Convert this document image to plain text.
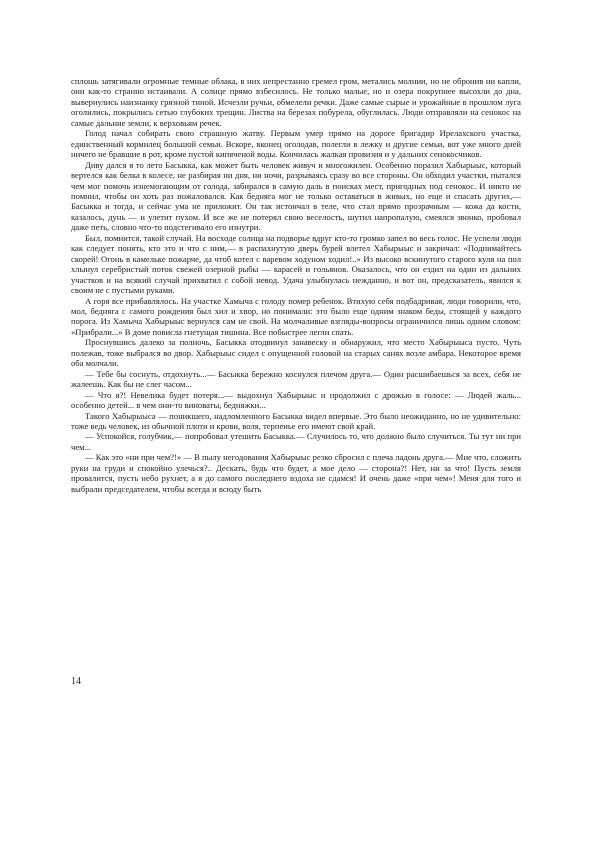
сплошь затягивали огромные темные облака, в них непрестанно гремел гром, метались молнии, но не обронив ни капли, они как-то странно истаивали. А солнце прямо взбесилось. Не только малые, но и озера покрупнее высохли до дна, вывернулись наизнанку грязной тиной. Исчезли ручьи, обмелели речки. Даже самые сырые и урожайные в прошлом луга оголились, покрылись сетью глубоких трещин. Листва на березах побурела, обуглилась. Люди отправляли на сенокос на самые дальние земли, к верховьям речек.

Голод начал собирать свою страшную жатву. Первым умер прямо на дороге бригадир Ирелахского участка, единственный кормилец большой семьи. Вскоре, вконец оголодав, полегли в лежку и другие семьи, вот уже много дней ничего не бравшие в рот, кроме пустой кипяченой воды. Кончилась жалкая провизия и у дальних сенокосчиков.

Диву дался я то лето Басыкка, как может быть человек живуч и многожилен. Особенно поразил Хабырыыс, который вертелся как белка в колесе, не разбирая ни дня, ни ночи, разрываясь сразу во все стороны. Он обходил участки, пытался чем мог помочь изнемогающим от голода, забирался в самую даль в поисках мест, пригодных под сенокос. И никто не помнил, чтобы он хоть раз пожаловался. Как бедняга мог не только оставаться в живых, но еще и спасать других,— Басыкка и тогда, и сейчас ума не приложит. Он так истончал в теле, что стал прямо прозрачным — кожа да кости, казалось, дунь — и улетит пухом. И все же не потерял свою веселость, шутил напропалую, смеялся звонко, пробовал даже петь, словно что-то подстегивало его изнутри.

Был, помнится, такой случай. На восходе солнца на подворье вдруг кто-то громко запел во весь голос. Не успели люди как следует понять, кто это и что с ним,— в распахнутую дверь бурей влетел Хабырыыс и закричал: «Поднимайтесь скорей! Огонь в камельке пожарче, да чтоб котел с варевом ходуном ходил!..» Из высоко вскинутого старого куля на пол хлынул серебристый поток свежей озерной рыбы — карасей и гольянов. Оказалось, что он ездил на один из дальних участков и на всякий случай прихватил с собой невод. Удача улыбнулась нежданно, и вот он, предсказатель, явился к своим не с пустыми руками.

А горя все прибавлялось. На участке Хамыча с голоду помер ребенок. Втихую себя подбадривая, люди говорили, что, мол, бедняга с самого рождения был хил и хвор, но понимали: это было еще одним знаком беды, стоящей у каждого порога. Из Хамыча Хабырыыс вернулся сам не свой. На молчаливые взгляды-вопросы ограничился лишь одним словом: «Прибрали...» В доме повисла гнетущая тишина. Все побыстрее легли спать.

Проснувшись далеко за полночь, Басыкка отодвинул занавеску и обнаружил, что место Хабырыыса пусто. Чуть полежав, тоже выбрался во двор. Хабырыыс сидел с опущенной головой на старых санях возле амбара. Некоторое время оба молчали.

— Тебе бы соснуть, отдохнуть...— Басыкка бережно коснулся плечом друга.— Один расшибаешься за всех, себя не жалеешь. Как бы не слег часом...

— Что я?! Невелика будет потеря...— выдохнул Хабырыыс и продолжил с дрожью в голосе: — Людей жаль... особенно детей... в чем они-то виноваты, бедняжки...

Такого Хабырыыса — поникшего, надломленного Басыкка видел впервые. Это было неожиданно, но не удивительно: тоже ведь человек, из обычной плоти и крови, воля, терпенье его имеют свой край.

— Успокойся, голубчик,— попробовал утешить Басыкка.— Случилось то, что должно было случиться. Ты тут ни при чем...

— Как это «ни при чем?!» — В пылу негодования Хабырыыс резко сбросил с плеча ладонь друга.— Мне что, сложить руки на груди и спокойно улечься?.. Дескать, будь что будет, а мое дело — сторона?! Нет, ни за что! Пусть земля провалится, пусть небо рухнет, а я до самого последнего вздоха не сдамся! И очень даже «при чем»! Меня для того и выбрали председателем, чтобы всегда и всюду быть

14
